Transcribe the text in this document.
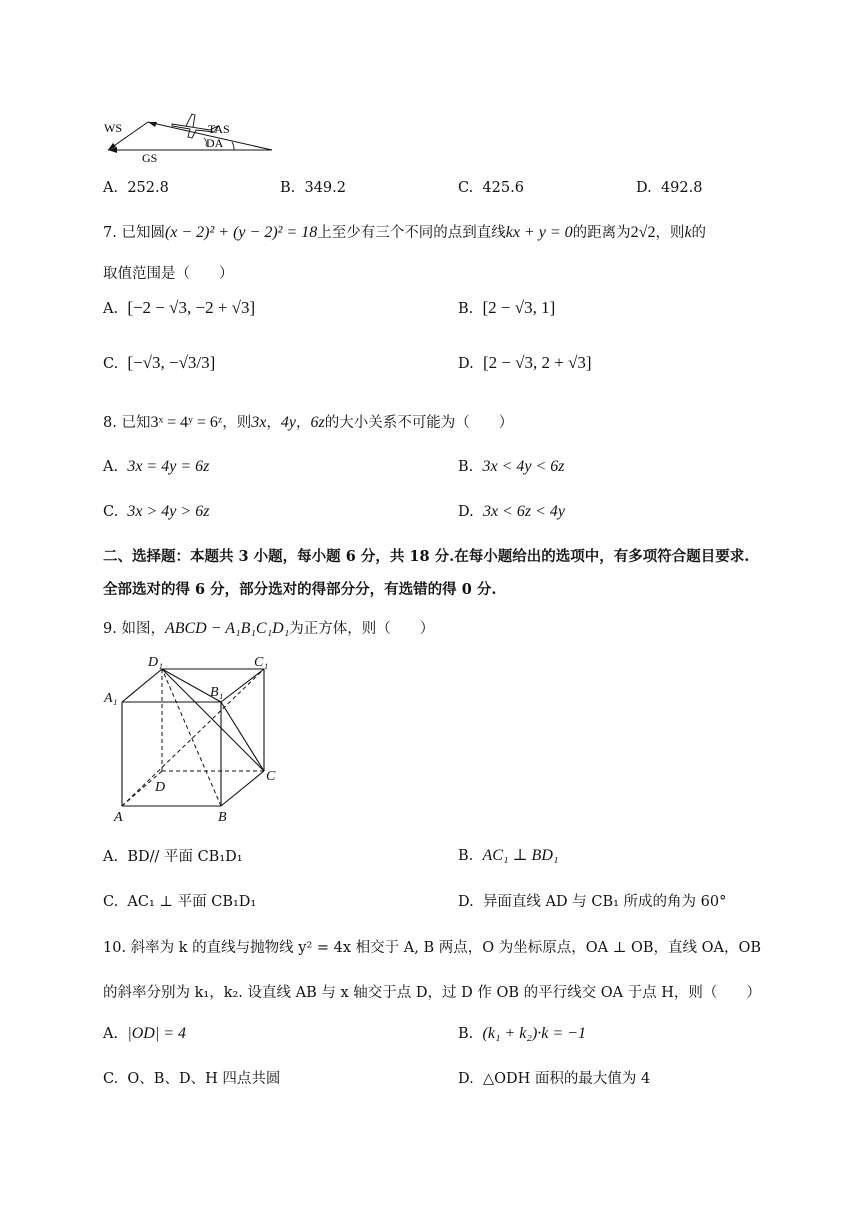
WS	TAS
DA
GS
A. 252.8	B. 349.2	C. 425.6	D. 492.8
7. 已知圆(x − 2)² + (y − 2)² = 18上至少有三个不同的点到直线kx + y = 0的距离为2√2，则k的
取值范围是（　　）
A. [−2 − √3, −2 + √3]	B. [2 − √3, 1]
C. [−√3, −√3/3]	D. [2 − √3, 2 + √3]
8. 已知3ˣ = 4ʸ = 6ᶻ，则3x，4y，6z的大小关系不可能为（　　）
A. 3x = 4y = 6z	B. 3x < 4y < 6z
C. 3x > 4y > 6z	D. 3x < 6z < 4y
二、选择题：本题共 3 小题，每小题 6 分，共 18 分.在每小题给出的选项中，有多项符合题目要求.
全部选对的得 6 分，部分选对的得部分分，有选错的得 0 分.
9. 如图，ABCD − A₁B₁C₁D₁为正方体，则（　　）
D₁	C₁
A₁	B₁
D
C
A	B
A. BD// 平面 CB₁D₁	B. AC₁ ⊥ BD₁
C. AC₁ ⊥ 平面 CB₁D₁	D. 异面直线 AD 与 CB₁ 所成的角为 60°
10. 斜率为 k 的直线与抛物线 y² = 4x 相交于 A, B 两点，O 为坐标原点，OA ⊥ OB，直线 OA，OB
的斜率分别为 k₁，k₂. 设直线 AB 与 x 轴交于点 D，过 D 作 OB 的平行线交 OA 于点 H，则（　　）
A. |OD| = 4	B. (k₁ + k₂)·k = −1
C. O、B、D、H 四点共圆	D. △ODH 面积的最大值为 4
